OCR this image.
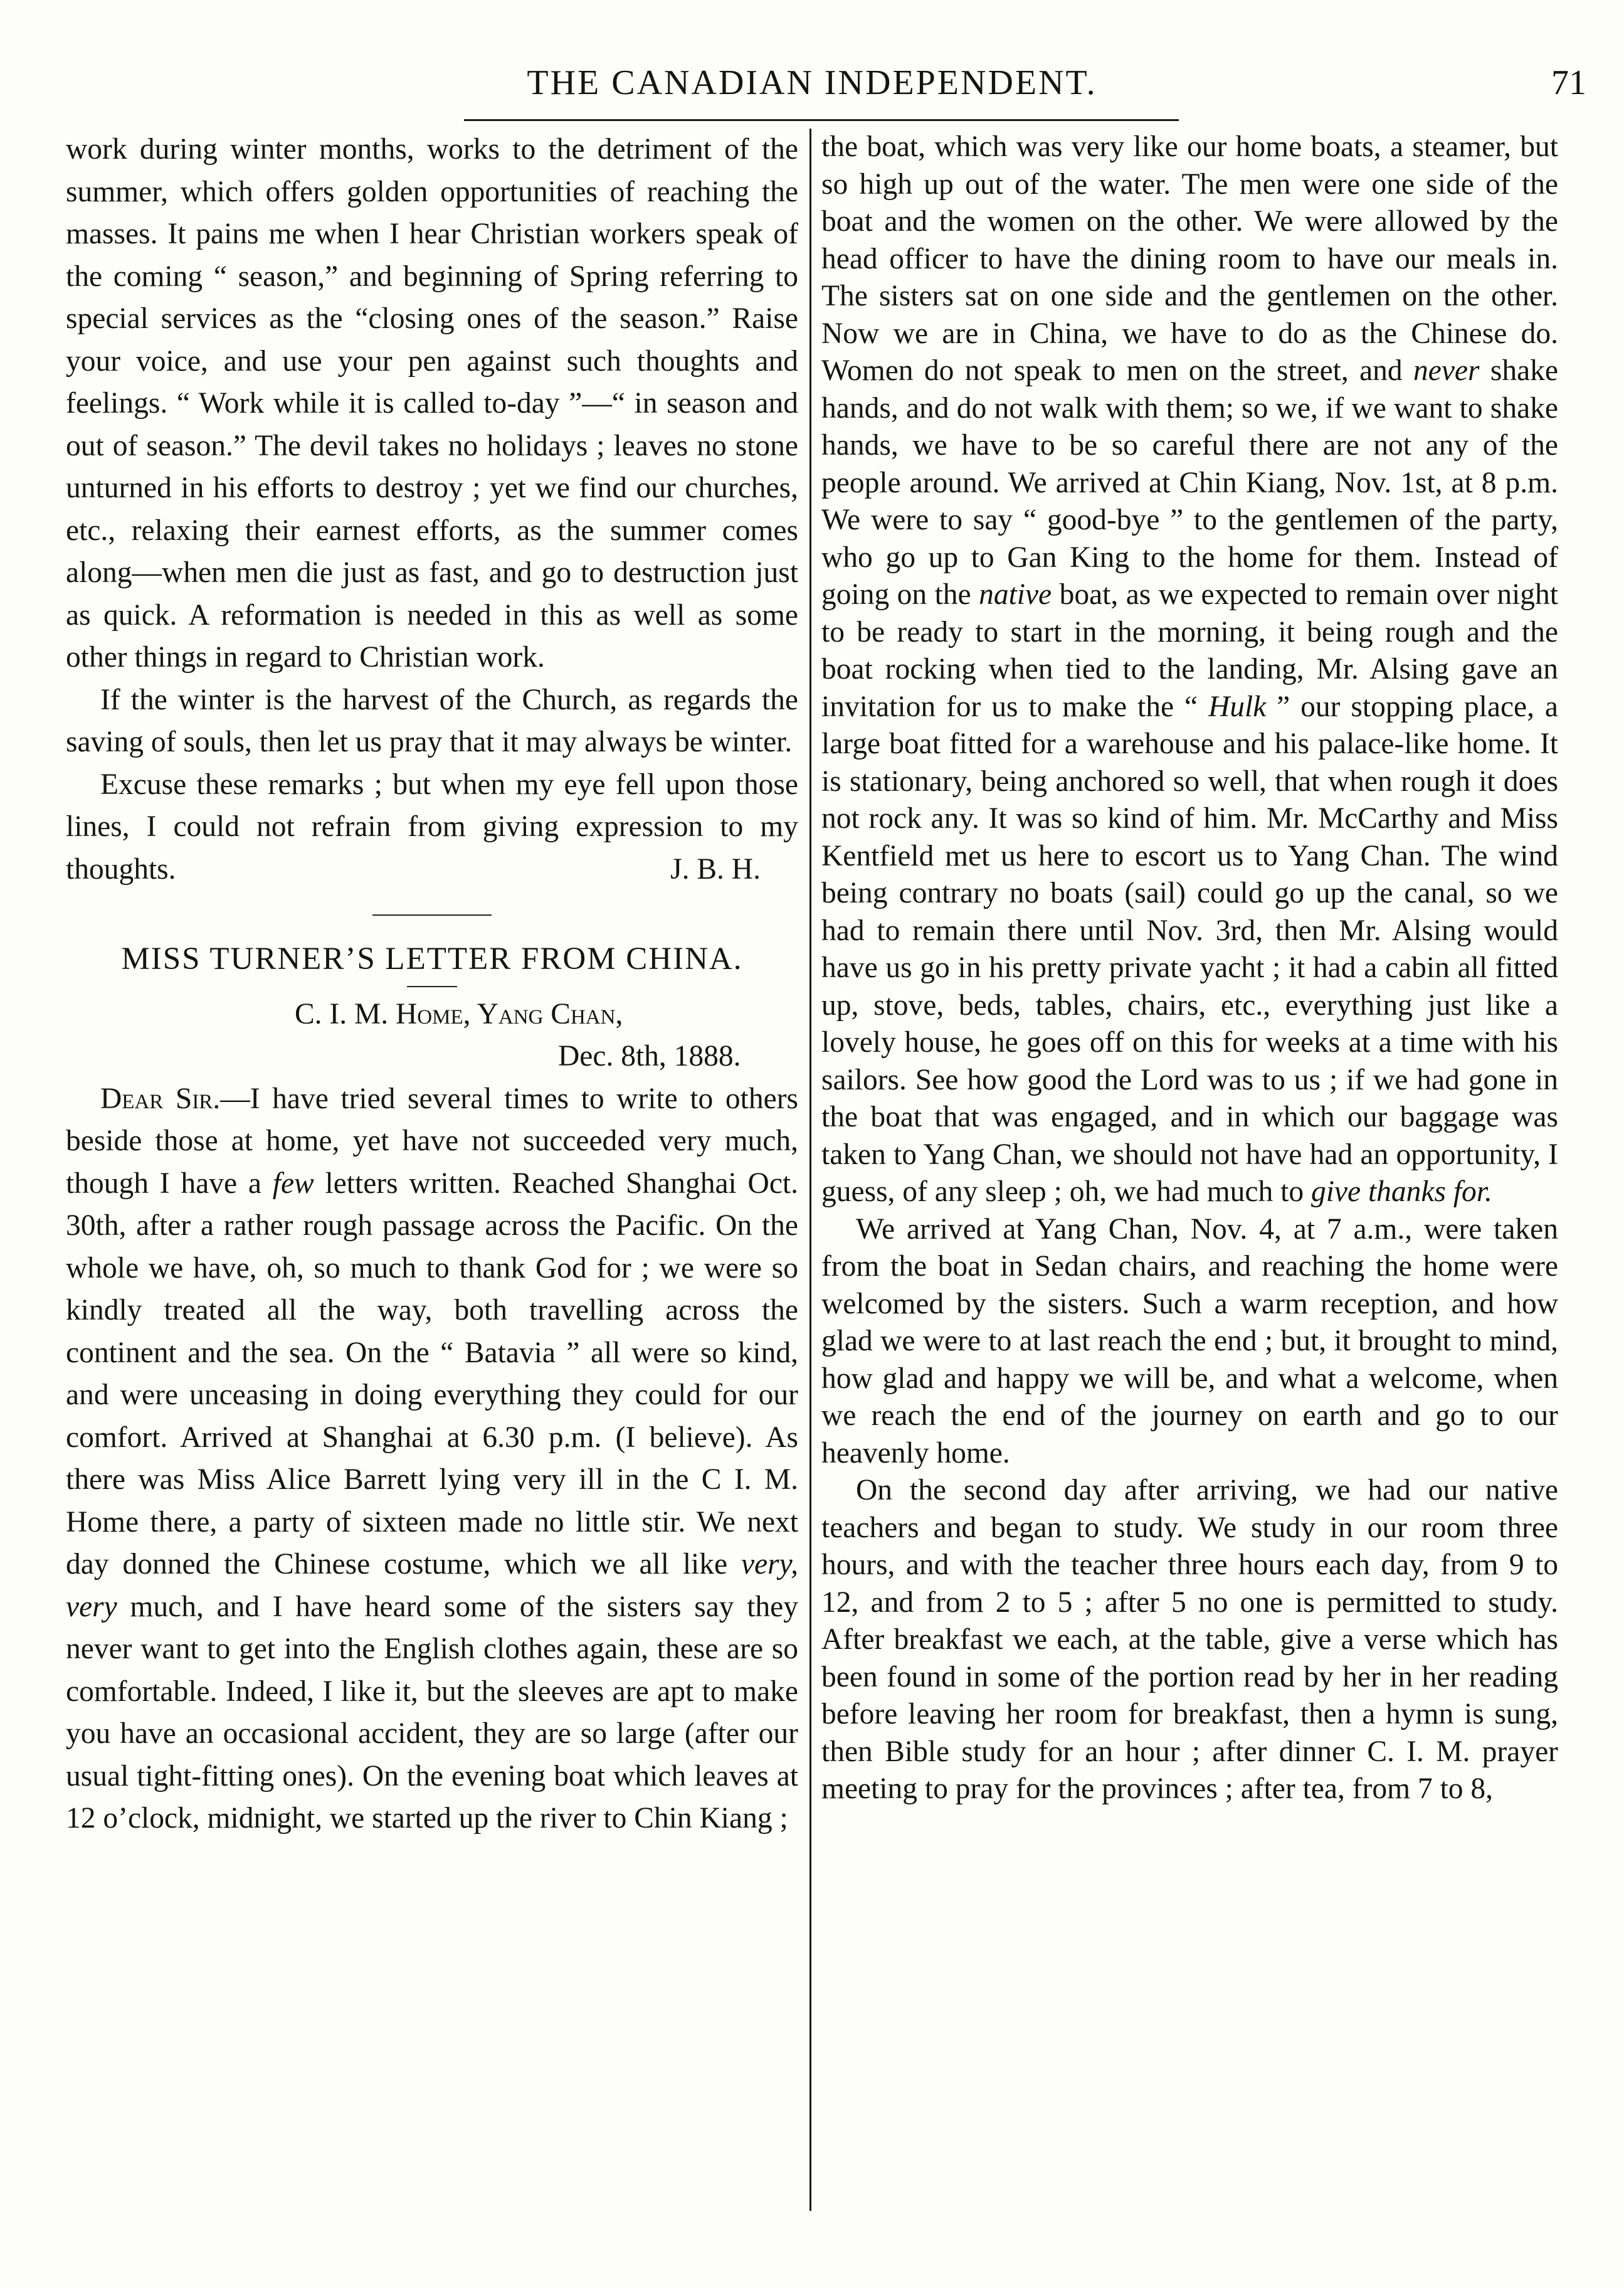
THE CANADIAN INDEPENDENT.	71

work during winter months, works to the detriment of the summer, which offers golden opportunities of reaching the masses. It pains me when I hear Christian workers speak of the coming “ season,” and beginning of Spring referring to special services as the “closing ones of the season.” Raise your voice, and use your pen against such thoughts and feelings. “ Work while it is called to-day ”—“ in season and out of season.” The devil takes no holidays ; leaves no stone unturned in his efforts to destroy ; yet we find our churches, etc., relaxing their earnest efforts, as the summer comes along—when men die just as fast, and go to destruction just as quick. A reformation is needed in this as well as some other things in regard to Christian work.

If the winter is the harvest of the Church, as regards the saving of souls, then let us pray that it may always be winter.

Excuse these remarks ; but when my eye fell upon those lines, I could not refrain from giving expression to my thoughts.	J. B. H.

MISS TURNER’S LETTER FROM CHINA.

C. I. M. Home, Yang Chan,

Dec. 8th, 1888.

Dear Sir.—I have tried several times to write to others beside those at home, yet have not succeeded very much, though I have a few letters written. Reached Shanghai Oct. 30th, after a rather rough passage across the Pacific. On the whole we have, oh, so much to thank God for ; we were so kindly treated all the way, both travelling across the continent and the sea. On the “ Batavia ” all were so kind, and were unceasing in doing everything they could for our comfort. Arrived at Shanghai at 6.30 p.m. (I believe). As there was Miss Alice Barrett lying very ill in the C I. M. Home there, a party of sixteen made no little stir. We next day donned the Chinese costume, which we all like very, very much, and I have heard some of the sisters say they never want to get into the English clothes again, these are so comfortable. Indeed, I like it, but the sleeves are apt to make you have an occasional accident, they are so large (after our usual tight-fitting ones). On the evening boat which leaves at 12 o’clock, midnight, we started up the river to Chin Kiang ;

the boat, which was very like our home boats, a steamer, but so high up out of the water. The men were one side of the boat and the women on the other. We were allowed by the head officer to have the dining room to have our meals in. The sisters sat on one side and the gentlemen on the other. Now we are in China, we have to do as the Chinese do. Women do not speak to men on the street, and never shake hands, and do not walk with them; so we, if we want to shake hands, we have to be so careful there are not any of the people around. We arrived at Chin Kiang, Nov. 1st, at 8 p.m. We were to say “ good-bye ” to the gentlemen of the party, who go up to Gan King to the home for them. Instead of going on the native boat, as we expected to remain over night to be ready to start in the morning, it being rough and the boat rocking when tied to the landing, Mr. Alsing gave an invitation for us to make the “ Hulk ” our stopping place, a large boat fitted for a warehouse and his palace-like home. It is stationary, being anchored so well, that when rough it does not rock any. It was so kind of him. Mr. McCarthy and Miss Kentfield met us here to escort us to Yang Chan. The wind being contrary no boats (sail) could go up the canal, so we had to remain there until Nov. 3rd, then Mr. Alsing would have us go in his pretty private yacht ; it had a cabin all fitted up, stove, beds, tables, chairs, etc., everything just like a lovely house, he goes off on this for weeks at a time with his sailors. See how good the Lord was to us ; if we had gone in the boat that was engaged, and in which our baggage was taken to Yang Chan, we should not have had an opportunity, I guess, of any sleep ; oh, we had much to give thanks for.

We arrived at Yang Chan, Nov. 4, at 7 a.m., were taken from the boat in Sedan chairs, and reaching the home were welcomed by the sisters. Such a warm reception, and how glad we were to at last reach the end ; but, it brought to mind, how glad and happy we will be, and what a welcome, when we reach the end of the journey on earth and go to our heavenly home.

On the second day after arriving, we had our native teachers and began to study. We study in our room three hours, and with the teacher three hours each day, from 9 to 12, and from 2 to 5 ; after 5 no one is permitted to study. After breakfast we each, at the table, give a verse which has been found in some of the portion read by her in her reading before leaving her room for breakfast, then a hymn is sung, then Bible study for an hour ; after dinner C. I. M. prayer meeting to pray for the provinces ; after tea, from 7 to 8,
